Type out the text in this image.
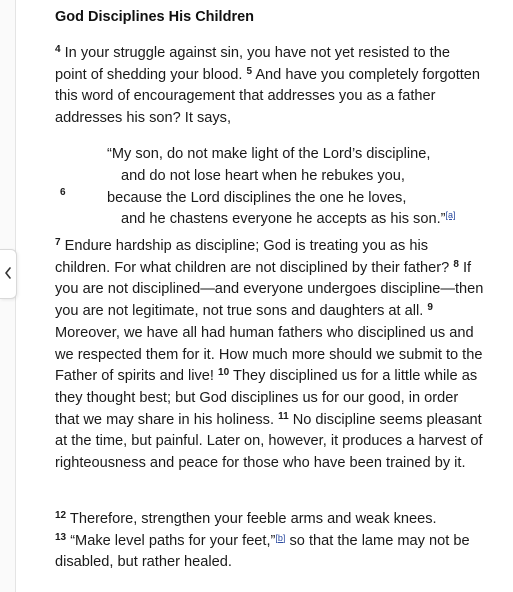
God Disciplines His Children

$^4$ In your struggle against sin, you have not yet resisted to the point of shedding your blood. $^5$ And have you completely forgotten this word of encouragement that addresses you as a father addresses his son? It says,

6

“My son, do not make light of the Lord’s discipline,

and do not lose heart when he rebukes you,

because the Lord disciplines the one he loves,

and he chastens everyone he accepts as his son.”[a]

$^7$ Endure hardship as discipline; God is treating you as his children. For what children are not disciplined by their father? $^8$ If you are not disciplined—and everyone undergoes discipline—then you are not legitimate, not true sons and daughters at all. $^9$ Moreover, we have all had human fathers who disciplined us and we respected them for it. How much more should we submit to the Father of spirits and live! $^{10}$ They disciplined us for a little while as they thought best; but God disciplines us for our good, in order that we may share in his holiness. $^{11}$ No discipline seems pleasant at the time, but painful. Later on, however, it produces a harvest of righteousness and peace for those who have been trained by it.

$^{12}$ Therefore, strengthen your feeble arms and weak knees.
$^{13}$ “Make level paths for your feet,”[b] so that the lame may not be disabled, but rather healed.
